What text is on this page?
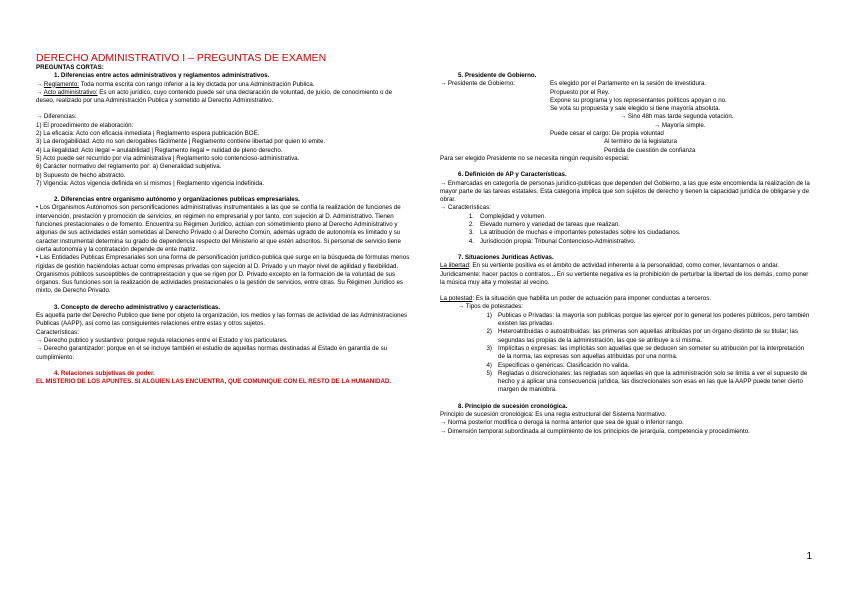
DERECHO ADMINISTRATIVO I – PREGUNTAS DE EXAMEN

PREGUNTAS CORTAS:

1. Diferencias entre actos administrativos y reglamentos administrativos.

→ Reglamento: Toda norma escrita con rango inferior a la ley dictada por una Administración Publica.

→ Acto administrativo: Es un acto jurídico, cuyo contenido puede ser una declaración de voluntad, de juicio, de conocimiento o de deseo, realizado por una Administración Publica y sometido al Derecho Administrativo.

→ Diferencias:

1) El procedimiento de elaboración:

2) La eficacia: Acto con eficacia inmediata | Reglamento espera publicación BOE.

3) La derogabilidad: Acto no son derogables fácilmente | Reglamento contiene libertad por quien lo emite.

4) La ilegalidad: Acto ilegal = anulabilidad | Reglamento ilegal = nulidad de pleno derecho.

5) Acto puede ser recurrido por vía administrativa | Reglamento solo contencioso-administrativa.

6) Carácter normativo del reglamento por: a) Generalidad subjetiva.

b) Supuesto de hecho abstracto.

7) Vigencia: Actos vigencia definida en sí mismos | Reglamento vigencia indefinida.

2. Diferencias entre organismo autónomo y organizaciones publicas empresariales.

• Los Organismos Autónomos son personificaciones administrativas instrumentales a las que se confía la realización de funciones de intervención, prestación y promoción de servicios, en régimen no empresarial y por tanto, con sujeción al D. Administrativo. Tienen funciones prestacionales o de fomento. Encuentra su Régimen Jurídico, actúan con sometimiento pleno al Derecho Administrativo y algunas de sus actividades están sometidas al Derecho Privado o al Derecho Común, además ugrado de autonomía es limitado y su carácter instrumental determina su grado de dependencia respecto del Ministerio al que estén adscritos. Si personal de servicio tiene cierta autonomía y la contratación depende de ente matriz.

• Las Entidades Publicas Empresariales son una forma de personificación jurídico-publica que surge en la búsqueda de fórmulas menos rígidas de gestión haciéndolas actuar como empresas privadas con sujeción al D. Privado y un mayor nivel de agilidad y flexibilidad. Organismos públicos susceptibles de contraprestación y que se rigen por D. Privado excepto en la formación de la voluntad de sus órganos. Sus funciones son la realización de actividades prestacionales o la gestión de servicios, entre otras. Su Régimen Jurídico es mixto, de Derecho Privado.

3. Concepto de derecho administrativo y características.

Es aquella parte del Derecho Publico que tiene por objeto la organización, los medios y las formas de actividad de las Administraciones Publicas (AAPP), así como las consiguientes relaciones entre estas y otros sujetos.

Características:

→ Derecho publico y sustantivo: porque regula relaciones entre el Estado y los particulares.

→ Derecho garantizador: porque en el se incluye también el estudio de aquellas normas destinadas al Estado en garantía de su cumplimiento.

4. Relaciones subjetivas de poder.

EL MISTERIO DE LOS APUNTES. SI ALGUIEN LAS ENCUENTRA, QUE COMUNIQUE CON EL RESTO DE LA HUMANIDAD.

5. Presidente de Gobierno.

→ Presidente de Gobierno:	Es elegido por el Parlamento en la sesión de investidura.

Propuesto por el Rey.

Expone su programa y los representantes políticos apoyan o no.

Se vota su propuesta y sale elegido si tiene mayoría absoluta.

→ Sino 48h mas tarde segunda votación.

→ Mayoría simple.

Puede cesar el cargo: De propia voluntad

Al termino de la legislatura

Perdida de cuestión de confianza

Para ser elegido Presidente no se necesita ningún requisito especial.

6. Definición de AP y Características.

→ Enmarcadas en categoría de personas jurídico-publicas que dependen del Gobierno, a las que este encomienda la realización de la mayor parte de las tareas estatales. Esta categoría implica que son sujetos de derecho y tienen la capacidad jurídica de obligarse y de obrar.

→ Características:

1. Complejidad y volumen.
2. Elevado numero y variedad de tareas que realizan.
3. La atribución de muchas e importantes potestades sobre los ciudadanos.
4. Jurisdicción propia: Tribunal Contencioso-Administrativo.

7. Situaciones Jurídicas Activas.

La libertad: En su vertiente positiva es el ámbito de actividad inherente a la personalidad, como comer, levantarnos o andar. Jurídicamente: hacer pactos o contratos... En su vertiente negativa es la prohibición de perturbar la libertad de los demás, como poner la música muy alta y molestar al vecino.

La potestad: Es la situación que habilita un poder de actuación para imponer conductas a terceros.

→ Tipos de potestades:

1) Publicas o Privadas: la mayoría son publicas porque las ejercer por lo general los poderes públicos, pero también existen las privadas.
2) Heteroatribuidas o autoatribuidas: las primeras son aquellas atribuidas por un órgano distinto de su titular; las segundas las propias de la administración, las que se atribuye a sí misma.
3) Implícitas o expresas: las implícitas son aquellas que se deducen sin someter su atribución por la interpretación de la norma, las expresas son aquellas atribuidas por una norma.
4) Especificas o genéricas: Clasificación no valida.
5) Regladas o discrecionales: las regladas son aquellas en que la administración solo se limita a ver el supuesto de hecho y a aplicar una consecuencia jurídica, las discrecionales son esas en las que la AAPP puede tener cierto margen de maniobra.

8. Principio de sucesión cronológica.

Principio de sucesión cronológica: Es una regla estructural del Sistema Normativo.

→ Norma posterior modifica o deroga la norma anterior que sea de igual o inferior rango.

→ Dimensión temporal subordinada al cumplimiento de los principios de jerarquía, competencia y procedimiento.

1
